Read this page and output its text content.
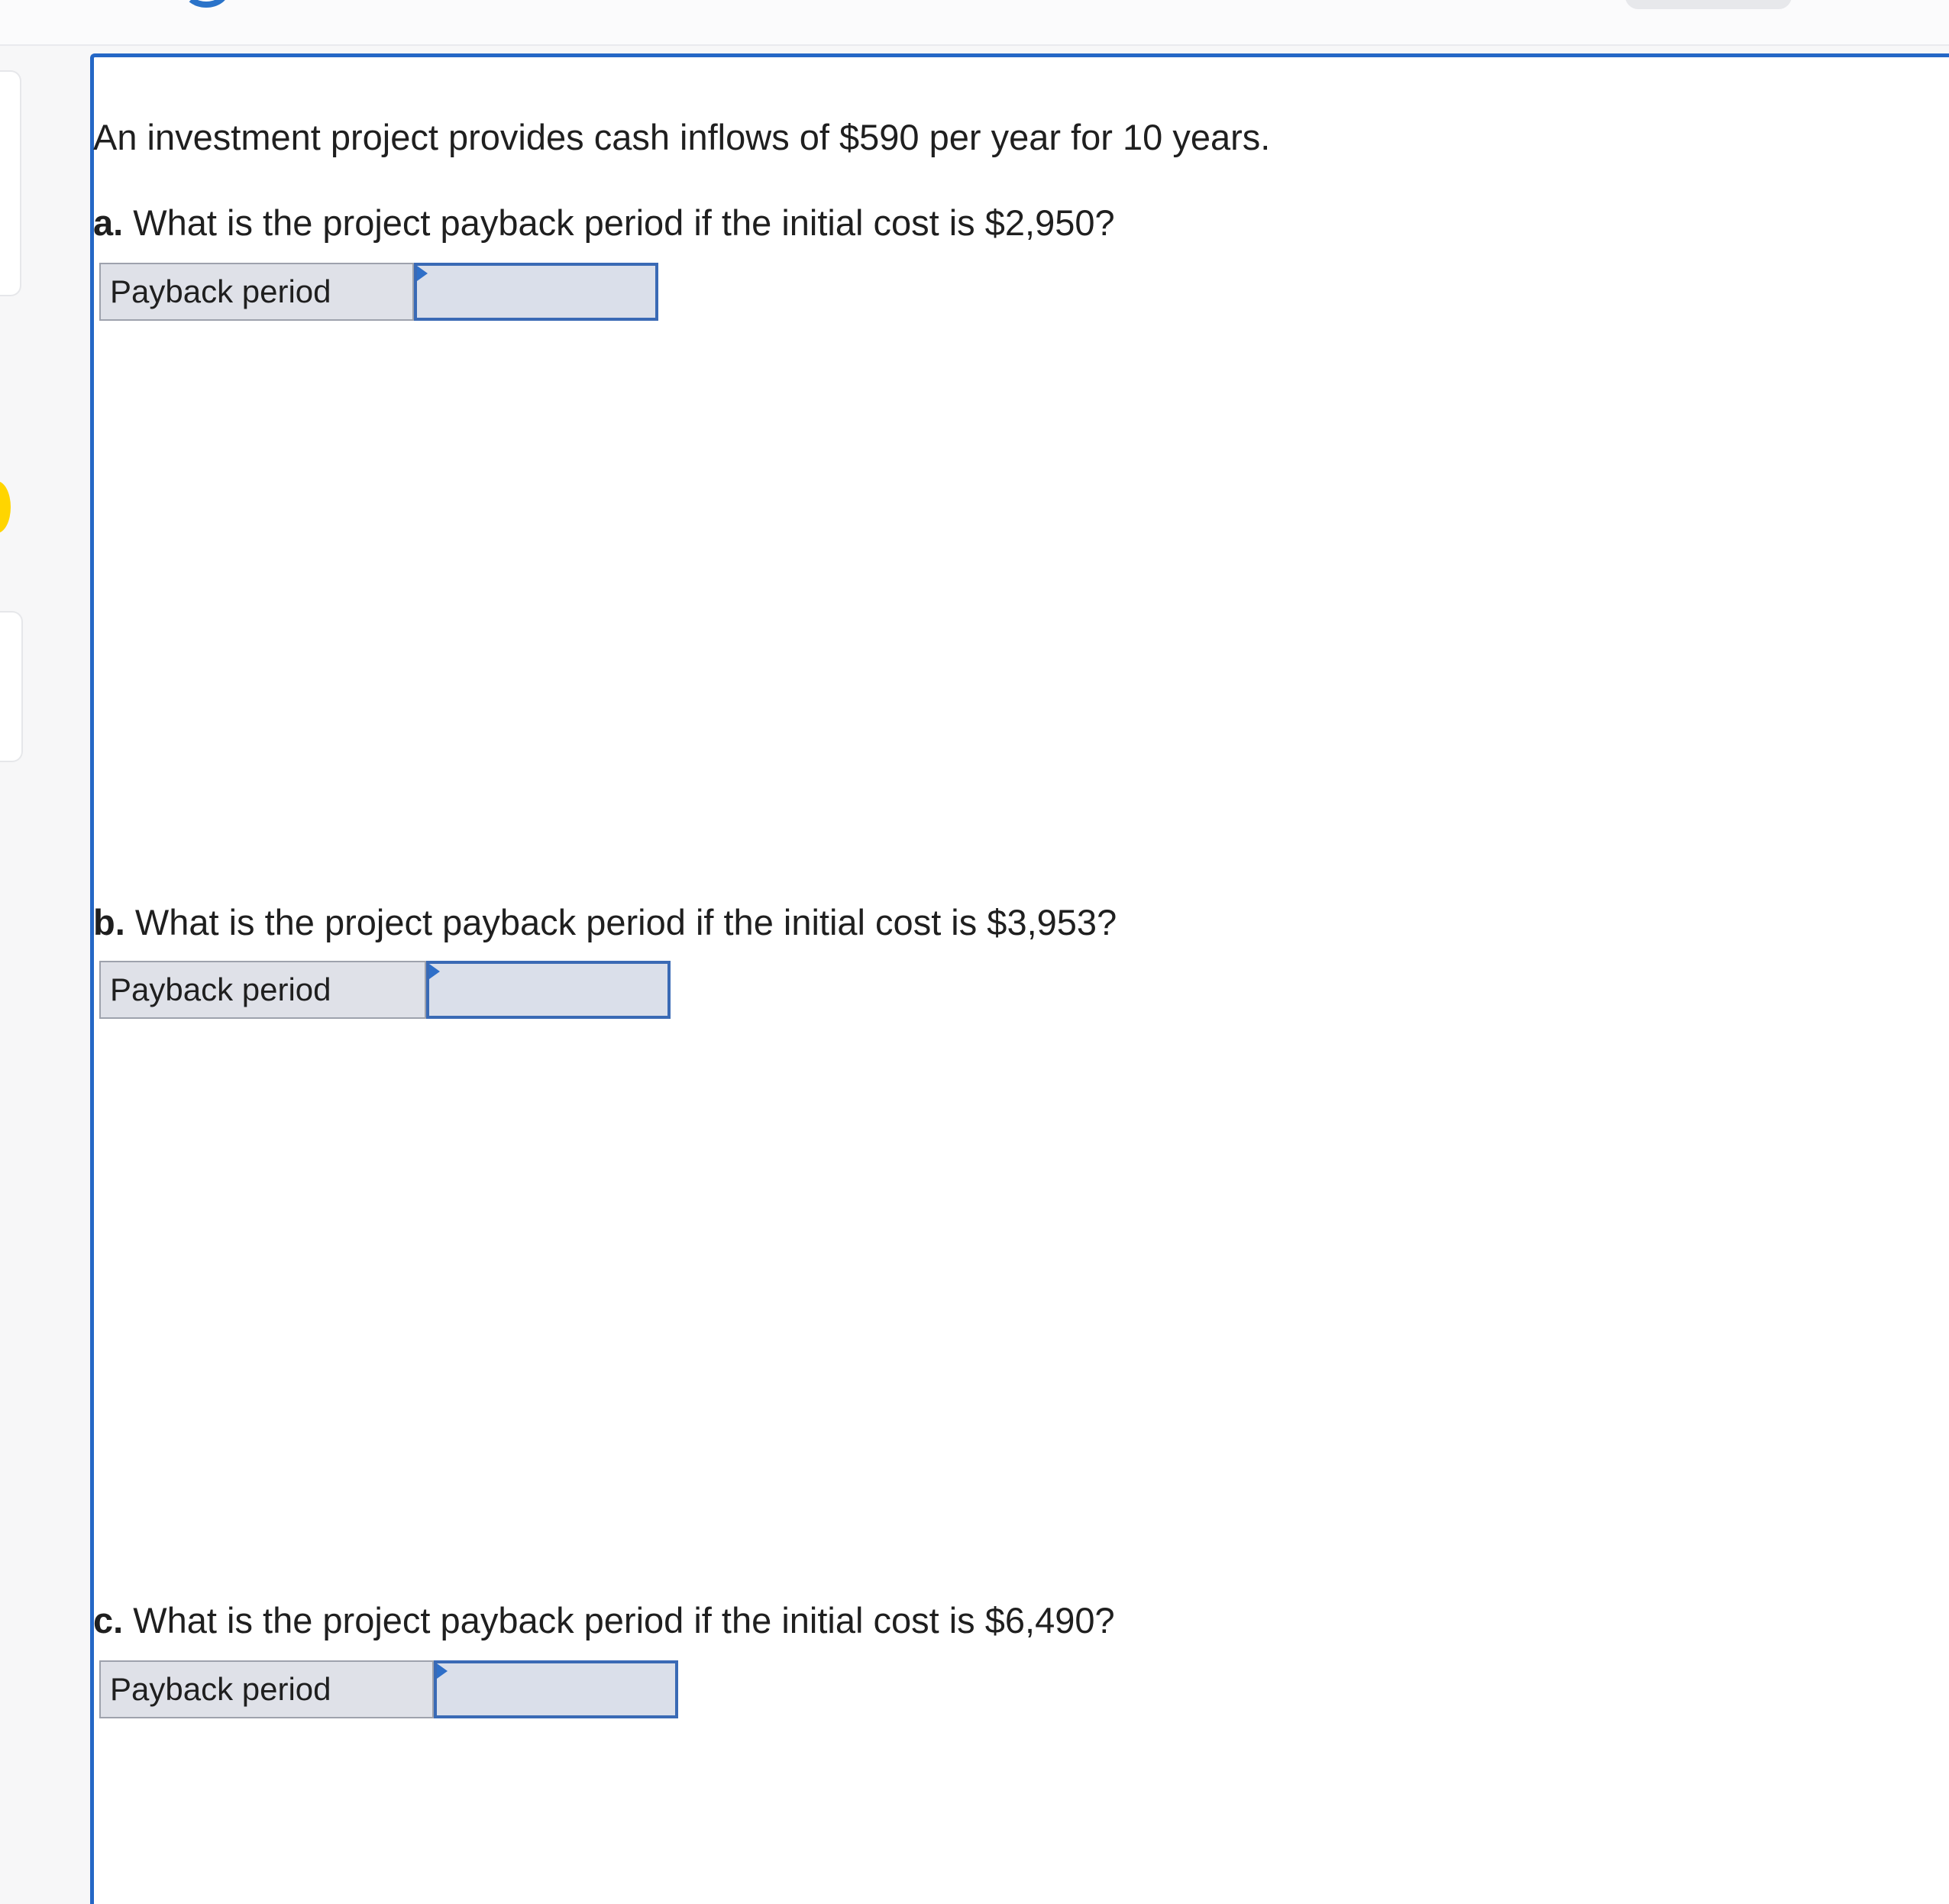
An investment project provides cash inflows of $590 per year for 10 years.
a. What is the project payback period if the initial cost is $2,950?
Payback period
b. What is the project payback period if the initial cost is $3,953?
Payback period
c. What is the project payback period if the initial cost is $6,490?
Payback period
